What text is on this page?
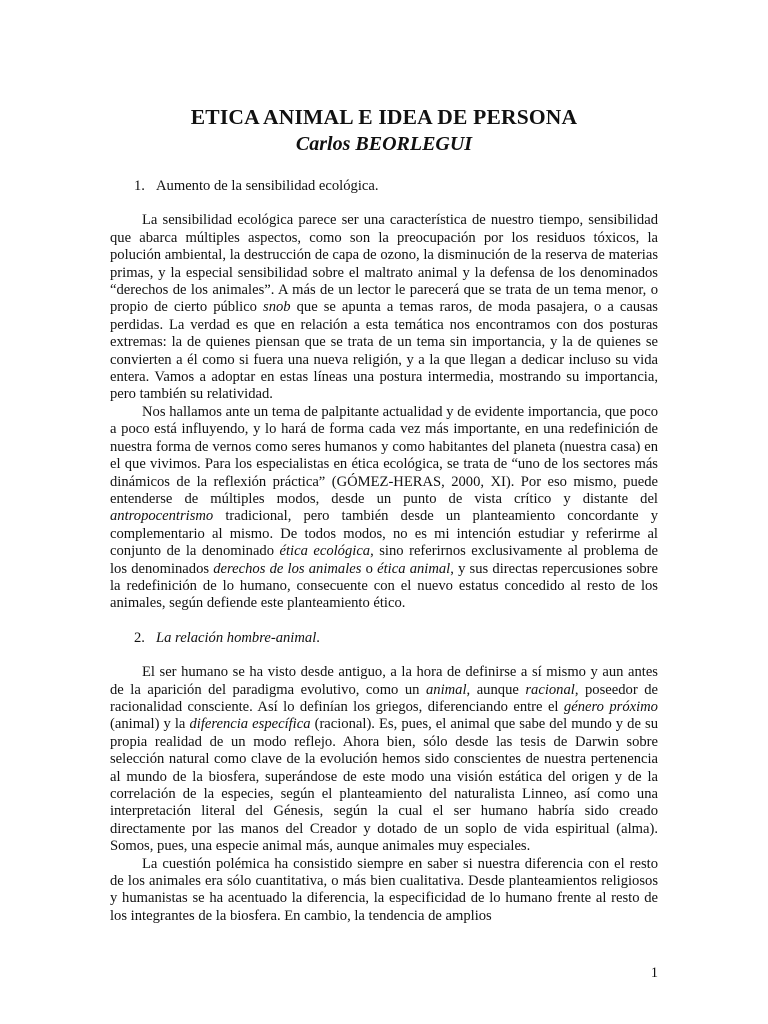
ETICA ANIMAL E IDEA DE PERSONA
Carlos BEORLEGUI
1. Aumento de la sensibilidad ecológica.

La sensibilidad ecológica parece ser una característica de nuestro tiempo, sensibilidad que abarca múltiples aspectos, como son la preocupación por los residuos tóxicos, la polución ambiental, la destrucción de capa de ozono, la disminución de la reserva de materias primas, y la especial sensibilidad sobre el maltrato animal y la defensa de los denominados “derechos de los animales”. A más de un lector le parecerá que se trata de un tema menor, o propio de cierto público snob que se apunta a temas raros, de moda pasajera, o a causas perdidas. La verdad es que en relación a esta temática nos encontramos con dos posturas extremas: la de quienes piensan que se trata de un tema sin importancia, y la de quienes se convierten a él como si fuera una nueva religión, y a la que llegan a dedicar incluso su vida entera. Vamos a adoptar en estas líneas una postura intermedia, mostrando su importancia, pero también su relatividad.

Nos hallamos ante un tema de palpitante actualidad y de evidente importancia, que poco a poco está influyendo, y lo hará de forma cada vez más importante, en una redefinición de nuestra forma de vernos como seres humanos y como habitantes del planeta (nuestra casa) en el que vivimos. Para los especialistas en ética ecológica, se trata de “uno de los sectores más dinámicos de la reflexión práctica” (GÓMEZ-HERAS, 2000, XI). Por eso mismo, puede entenderse de múltiples modos, desde un punto de vista crítico y distante del antropocentrismo tradicional, pero también desde un planteamiento concordante y complementario al mismo. De todos modos, no es mi intención estudiar y referirme al conjunto de la denominado ética ecológica, sino referirnos exclusivamente al problema de los denominados derechos de los animales o ética animal, y sus directas repercusiones sobre la redefinición de lo humano, consecuente con el nuevo estatus concedido al resto de los animales, según defiende este planteamiento ético.

2. La relación hombre-animal.

El ser humano se ha visto desde antiguo, a la hora de definirse a sí mismo y aun antes de la aparición del paradigma evolutivo, como un animal, aunque racional, poseedor de racionalidad consciente. Así lo definían los griegos, diferenciando entre el género próximo (animal) y la diferencia específica (racional). Es, pues, el animal que sabe del mundo y de su propia realidad de un modo reflejo. Ahora bien, sólo desde las tesis de Darwin sobre selección natural como clave de la evolución hemos sido conscientes de nuestra pertenencia al mundo de la biosfera, superándose de este modo una visión estática del origen y de la correlación de la especies, según el planteamiento del naturalista Linneo, así como una interpretación literal del Génesis, según la cual el ser humano habría sido creado directamente por las manos del Creador y dotado de un soplo de vida espiritual (alma). Somos, pues, una especie animal más, aunque animales muy especiales.

La cuestión polémica ha consistido siempre en saber si nuestra diferencia con el resto de los animales era sólo cuantitativa, o más bien cualitativa. Desde planteamientos religiosos y humanistas se ha acentuado la diferencia, la especificidad de lo humano frente al resto de los integrantes de la biosfera. En cambio, la tendencia de amplios

1
